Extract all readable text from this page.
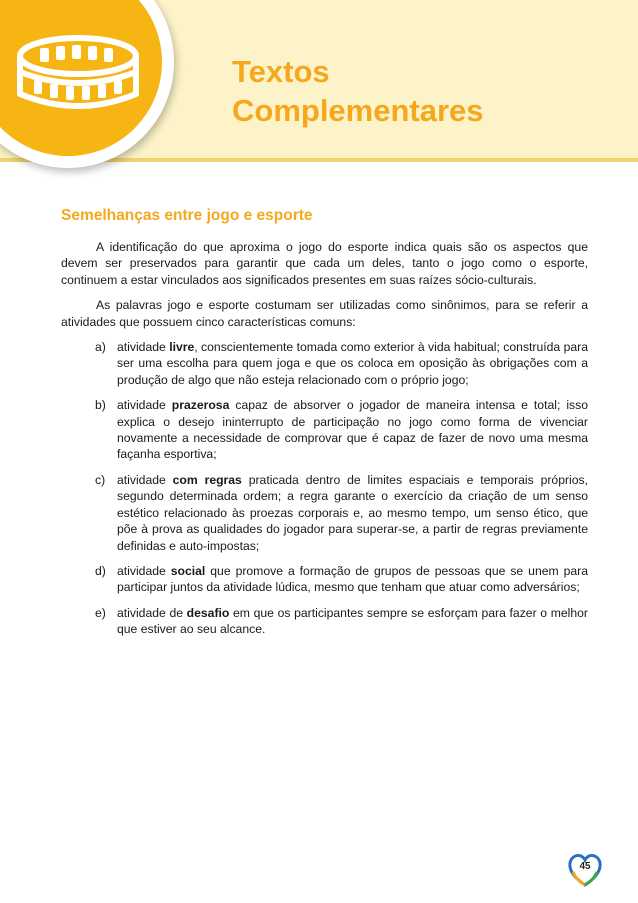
Textos
Complementares
Semelhanças entre jogo e esporte

A identificação do que aproxima o jogo do esporte indica quais são os aspectos que devem ser preservados para garantir que cada um deles, tanto o jogo como o esporte, continuem a estar vinculados aos significados presentes em suas raízes sócio-culturais.

As palavras jogo e esporte costumam ser utilizadas como sinônimos, para se referir a atividades que possuem cinco características comuns:

a) atividade livre, conscientemente tomada como exterior à vida habitual; construída para ser uma escolha para quem joga e que os coloca em oposição às obrigações com a produção de algo que não esteja relacionado com o próprio jogo;
b) atividade prazerosa capaz de absorver o jogador de maneira intensa e total; isso explica o desejo ininterrupto de participação no jogo como forma de vivenciar novamente a necessidade de comprovar que é capaz de fazer de novo uma mesma façanha esportiva;
c) atividade com regras praticada dentro de limites espaciais e temporais próprios, segundo determinada ordem; a regra garante o exercício da criação de um senso estético relacionado às proezas corporais e, ao mesmo tempo, um senso ético, que põe à prova as qualidades do jogador para superar-se, a partir de regras previamente definidas e auto-impostas;
d) atividade social que promove a formação de grupos de pessoas que se unem para participar juntos da atividade lúdica, mesmo que tenham que atuar como adversários;
e) atividade de desafio em que os participantes sempre se esforçam para fazer o melhor que estiver ao seu alcance.
45
